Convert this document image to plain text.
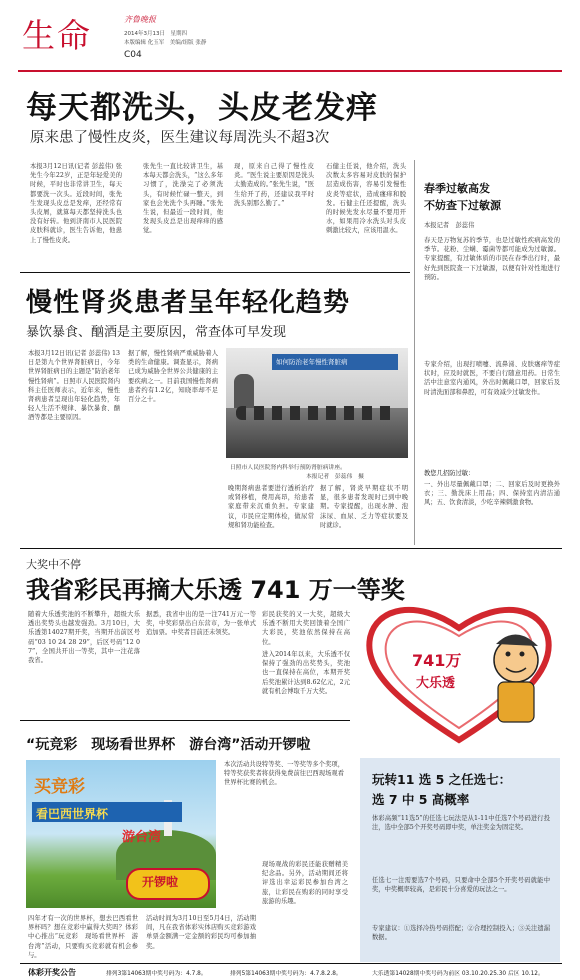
生命	齐鲁晚报
2014年3月13日　星期四
本版编辑 化玉军　美编/组版 张静
C04
每天都洗头，头皮老发痒
原来患了慢性皮炎，医生建议每周洗头不超3次
本报3月12日讯(记者 彭蕊伟) 张先生今年22岁，正是年轻爱美的时候，平时也非常讲卫生，每天都要洗一次头。近段时间，张先生发现头皮总是发痒，还经常有头皮屑，就算每天都坚持洗头也没有好转。他到济南市人民医院皮肤科就诊，医生告诉他，他患上了慢性皮炎。
张先生一直比较讲卫生，基本每天都会洗头，“这么多年习惯了，洗澡完了必须洗头，有时候忙碌一整天，到家也会先洗个头再睡。”张先生说，但最近一段时间，他发现头皮总是出现痒痒的感觉。
现，原来自己得了慢性皮炎。“医生说主要原因是洗头太勤造成的。”张先生说，“医生给开了药，还建议我平时洗头别那么勤了。”
石健主任说，他介绍，洗头次数太多容易对皮肤的保护层造成伤害，容易引发慢性皮炎等症状，造成瘙痒和脱发。石健主任还提醒，洗头的时候先发水尽量不要用开水，如果用冷水洗头对头皮刺激比较大，应该用温水。
春季过敏高发
不妨查下过敏源
本报记者　彭蕊伟
春天是万物复苏的季节，也是过敏性疾病高发的季节。花粉、尘螨、霉菌等都可能成为过敏源。专家提醒，有过敏体质的市民在春季出行时，最好先到医院查一下过敏源，以便有针对性地进行预防。
专家介绍，出现打喷嚏、流鼻涕、皮肤瘙痒等症状时，应及时就医，不要自行随意用药。日常生活中注意室内通风，外出时佩戴口罩，回家后及时清洗面部和鼻腔，可有效减少过敏发作。
教您几招防过敏：
一、外出尽量佩戴口罩；二、回家后及时更换外衣；三、勤洗床上用品；四、保持室内清洁通风；五、饮食清淡，少吃辛辣刺激食物。
慢性肾炎患者呈年轻化趋势
暴饮暴食、酗酒是主要原因，常查体可早发现
本报3月12日讯(记者 彭蕊伟) 13日是第九个世界肾脏病日，今年世界肾脏病日的主题是“防治老年慢性肾病”。日照市人民医院肾内科主任医师表示，近年来，慢性肾病患者呈现出年轻化趋势，年轻人生活不规律、暴饮暴食、酗酒等都是主要原因。
据了解，慢性肾病严重威胁着人类的生命健康。调查显示，肾病已成为威胁全世界公共健康的主要疾病之一。目前我国慢性肾病患者约有1.2亿，知晓率却不足百分之十。
如何防治老年慢性肾脏病
日照市人民医院肾内科举行预防肾脏病讲座。
本报记者　彭蕊伟　摄
晚期肾病患者要进行透析治疗或肾移植，费用高昂，给患者家庭带来沉重负担。专家建议，市民应定期体检，做尿常规和肾功能检查。
据了解，肾炎早期症状不明显，很多患者发现时已到中晚期。专家提醒，出现水肿、泡沫尿、血尿、乏力等症状要及时就诊。
大奖中不停
我省彩民再摘大乐透 741 万一等奖
随着大乐透奖池的不断攀升，超级大乐透出奖势头也越发强劲。3月10日，大乐透第14027期开奖，当期开出前区号码“03 10 24 28 29”，后区号码“12 07”，全国共开出一等奖，其中一注花落我省。
据悉，我省中出的是一注741万元一等奖，中奖彩票出自东营市，为一张单式追加票。中奖者目前还未领奖。
彩民获奖的又一大奖，超级大乐透不断用大奖回馈着全国广大彩民，奖池依然保持在高位。
进入2014年以来，大乐透不仅保持了强劲的出奖势头，奖池也一直保持在高位，本期开奖后奖池累计达到8.62亿元，2元就有机会博取千万大奖。
741万
大乐透
“玩竞彩　现场看世界杯　游台湾”活动开锣啦
买竞彩
看巴西世界杯
游台湾
开锣啦
四年才有一次的世界杯，想去巴西看世界杯吗？想在竞彩中赢得大奖吗？体彩中心推出“玩竞彩　现场看世界杯　游台湾”活动，只要购买竞彩就有机会参与。
活动时间为3月10日至5月4日，活动期间，凡在我省体彩实体店购买竞彩游戏单票金额满一定金额的彩民均可参加抽奖。
本次活动共设特等奖、一等奖等多个奖项，特等奖获奖者将获得免费前往巴西现场观看世界杯比赛的机会。
现场观战的彩民还能获赠精美纪念品。另外，活动期间还将评选出幸运彩民参加台湾之旅，让彩民在购彩的同时享受旅游的乐趣。
玩转11 选 5 之任选七：
选 7 中 5 高概率
体彩高频“11选5”的任选七玩法是从1-11中任选7个号码进行投注，选中全部5个开奖号码即中奖，单注奖金为固定奖。
任选七一注需要选7个号码，只要命中全部5个开奖号码就能中奖，中奖概率较高，是彩民十分喜爱的玩法之一。
专家建议：①选择冷热号码搭配；②合理控制投入；③关注遗漏数据。
体彩开奖公告	排列3第14063期中奖号码为：4.7.8。	排列5第14063期中奖号码为：4.7.8.2.8。	大乐透第14028期中奖号码为前区 03.10.20.25.30 后区 10.12。
